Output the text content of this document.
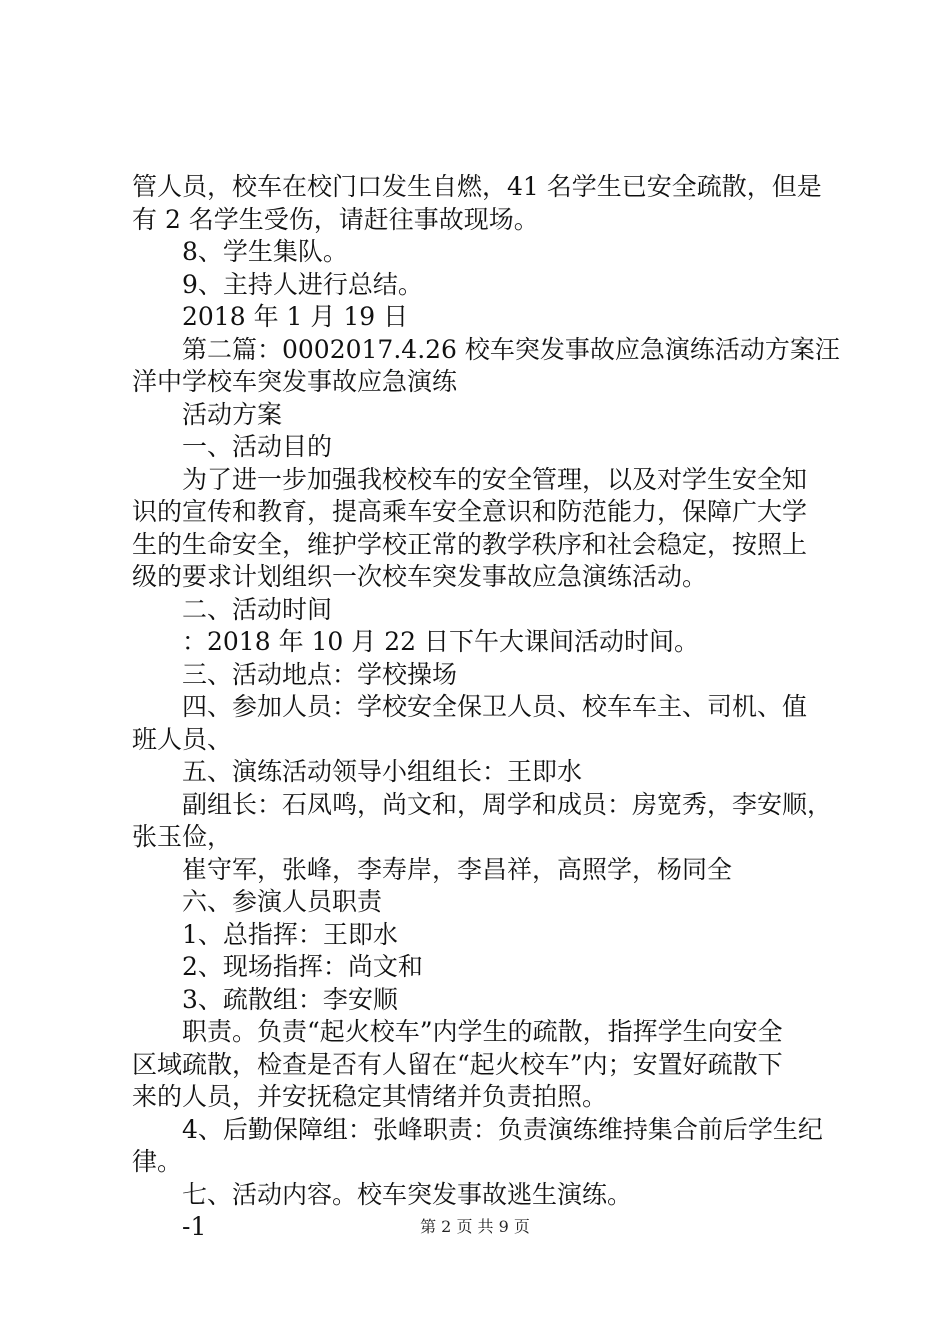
管人员，校车在校门口发生自燃，41 名学生已安全疏散，但是
有 2 名学生受伤，请赶往事故现场。
8、学生集队。
9、主持人进行总结。
2018 年 1 月 19 日
第二篇：0002017.4.26 校车突发事故应急演练活动方案汪
洋中学校车突发事故应急演练
活动方案
一、活动目的
为了进一步加强我校校车的安全管理，以及对学生安全知
识的宣传和教育，提高乘车安全意识和防范能力，保障广大学
生的生命安全，维护学校正常的教学秩序和社会稳定，按照上
级的要求计划组织一次校车突发事故应急演练活动。
二、活动时间
：2018 年 10 月 22 日下午大课间活动时间。
三、活动地点：学校操场
四、参加人员：学校安全保卫人员、校车车主、司机、值
班人员、
五、演练活动领导小组组长：王即水
副组长：石凤鸣，尚文和，周学和成员：房宽秀，李安顺，
张玉俭，
崔守军，张峰，李寿岸，李昌祥，高照学，杨同全
六、参演人员职责
1、总指挥：王即水
2、现场指挥：尚文和
3、疏散组：李安顺
职责。负责“起火校车”内学生的疏散，指挥学生向安全
区域疏散，检查是否有人留在“起火校车”内；安置好疏散下
来的人员，并安抚稳定其情绪并负责拍照。
4、后勤保障组：张峰职责：负责演练维持集合前后学生纪
律。
七、活动内容。校车突发事故逃生演练。
-1	第 2 页 共 9 页
